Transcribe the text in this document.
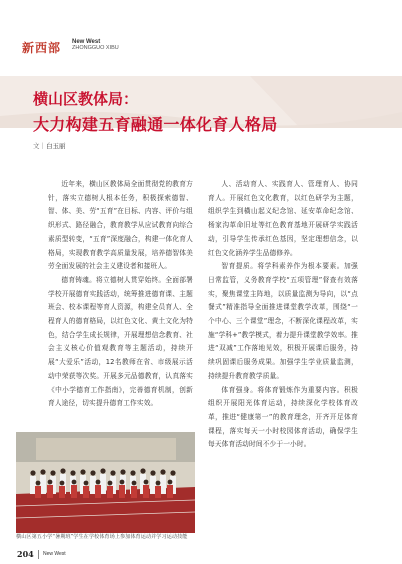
新西部 New West
ZHONGGUO XIBU
横山区教体局：
大力构建五育融通一体化育人格局
文｜白玉丽

近年来，横山区教体局全面贯彻党的教育方针，落实立德树人根本任务，积极探索德智、智、体、美、劳“五育”在目标、内容、评价与组织形式、路径融合，教育教学从应试教育向综合素质型转变，“五育”深度融合，构建一体化育人格局，实现教育教学高质量发展，培养德智体美劳全面发展的社会主义建设者和接班人。

德育铸魂。将立德树人贯穿始终。全面部署学校开展德育实践活动，统筹推进德育课、主题班会、校本课程等育人资源，构建全员育人、全程育人的德育格局，以红色文化、黄土文化为特色，结合学生成长规律，开展理想信念教育、社会主义核心价值观教育等主题活动，持续开展“大爱乐”活动，12名教师在省、市级展示活动中荣获等次奖。开展多元品德教育，认真落实《中小学德育工作指南》，完善德育机制，创新育人途径，切实提升德育工作实效。

人、活动育人、实践育人、管理育人、协同育人。开展红色文化教育，以红色研学为主题，组织学生到橫山起义纪念馆、延安革命纪念馆、杨家沟革命旧址等红色教育基地开展研学实践活动，引导学生传承红色基因，坚定理想信念，以红色文化涵养学生品德修养。

智育提质。将学科素养作为根本要素。加强日常监管，义务教育学校“五项管理”督查有效落实，聚焦课堂主阵地，以质量监测为导向，以“点餐式”精准指导全面推进课堂教学改革，围绕“一个中心、三个课堂”理念，不断深化课程改革，实施“学科+”教学模式，着力提升课堂教学效率。推进“双减”工作落地见效，积极开展课后服务，持续巩固课后服务成果。加强学生学业质量监测，持续提升教育教学质量。

体育强身。将体育锻炼作为重要内容。积极组织开展阳光体育运动，持续深化学校体育改革，推进“健康第一”的教育理念，开齐开足体育课程，落实每天一小时校园体育活动，确保学生每天体育活动时间不少于一小时。

横山区第五小学“暑期班”学生在学校体育场上参加体育运动并学习运动技能
204 New West
